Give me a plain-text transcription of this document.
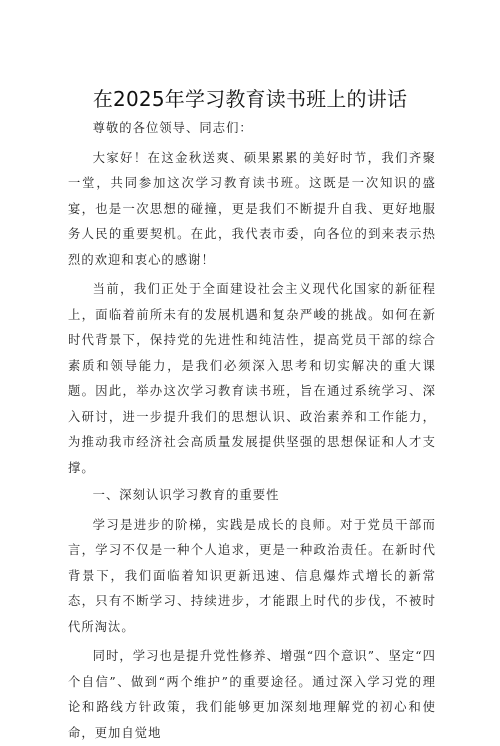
在2025年学习教育读书班上的讲话

尊敬的各位领导、同志们：

大家好！在这金秋送爽、硕果累累的美好时节，我们齐聚一堂，共同参加这次学习教育读书班。这既是一次知识的盛宴，也是一次思想的碰撞，更是我们不断提升自我、更好地服务人民的重要契机。在此，我代表市委，向各位的到来表示热烈的欢迎和衷心的感谢！

当前，我们正处于全面建设社会主义现代化国家的新征程上，面临着前所未有的发展机遇和复杂严峻的挑战。如何在新时代背景下，保持党的先进性和纯洁性，提高党员干部的综合素质和领导能力，是我们必须深入思考和切实解决的重大课题。因此，举办这次学习教育读书班，旨在通过系统学习、深入研讨，进一步提升我们的思想认识、政治素养和工作能力，为推动我市经济社会高质量发展提供坚强的思想保证和人才支撑。

一、深刻认识学习教育的重要性

学习是进步的阶梯，实践是成长的良师。对于党员干部而言，学习不仅是一种个人追求，更是一种政治责任。在新时代背景下，我们面临着知识更新迅速、信息爆炸式增长的新常态，只有不断学习、持续进步，才能跟上时代的步伐，不被时代所淘汰。

同时，学习也是提升党性修养、增强“四个意识”、坚定“四个自信”、做到“两个维护”的重要途径。通过深入学习党的理论和路线方针政策，我们能够更加深刻地理解党的初心和使命，更加自觉地
